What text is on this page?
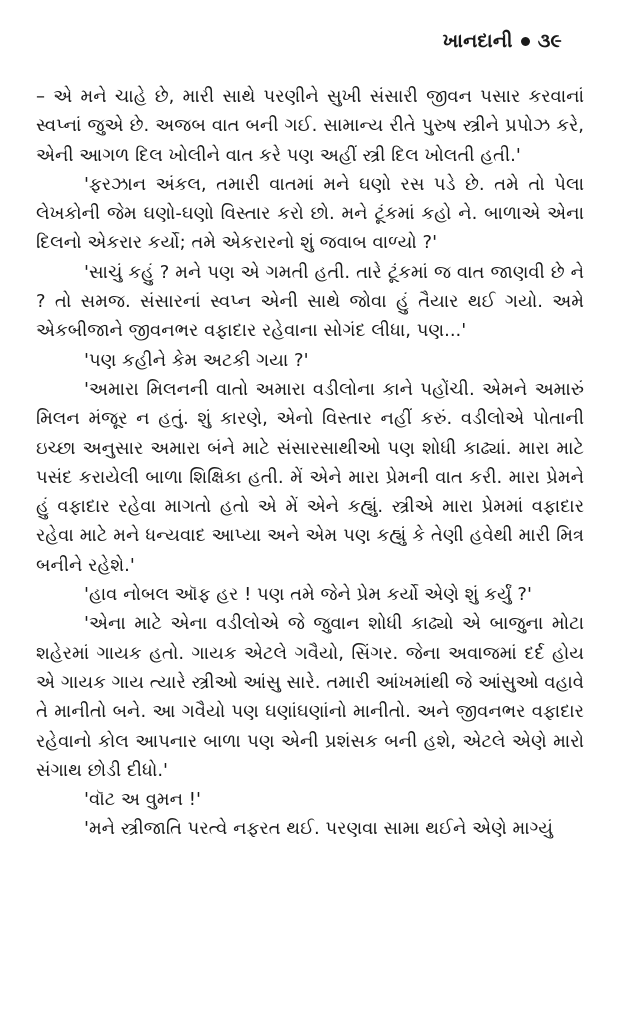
ખાનદાની ૩૯

– એ મને ચાહે છે, મારી સાથે પરણીને સુખી સંસારી જીવન પસાર કરવાનાં સ્વપ્નાં જુએ છે. અજબ વાત બની ગઈ. સામાન્ય રીતે પુરુષ સ્ત્રીને પ્રપોઝ કરે, એની આગળ દિલ ખોલીને વાત કરે પણ અહીં સ્ત્રી દિલ ખોલતી હતી.'

'ફરઝાન અંકલ, તમારી વાતમાં મને ઘણો રસ પડે છે. તમે તો પેલા લેખકોની જેમ ઘણો-ઘણો વિસ્તાર કરો છો. મને ટૂંકમાં કહો ને. બાળાએ એના દિલનો એકરાર કર્યો; તમે એકરારનો શું જવાબ વાળ્યો ?'

'સાચું કહું ? મને પણ એ ગમતી હતી. તારે ટૂંકમાં જ વાત જાણવી છે ને ? તો સમજ. સંસારનાં સ્વપ્ન એની સાથે જોવા હું તૈયાર થઈ ગયો. અમે એકબીજાને જીવનભર વફાદાર રહેવાના સોગંદ લીધા, પણ...'

'પણ કહીને કેમ અટકી ગયા ?'

'અમારા મિલનની વાતો અમારા વડીલોના કાને પહોંચી. એમને અમારું મિલન મંજૂર ન હતું. શું કારણે, એનો વિસ્તાર નહીં કરું. વડીલોએ પોતાની ઇચ્છા અનુસાર અમારા બંને માટે સંસારસાથીઓ પણ શોધી કાઢ્યાં. મારા માટે પસંદ કરાયેલી બાળા શિક્ષિકા હતી. મેં એને મારા પ્રેમની વાત કરી. મારા પ્રેમને હું વફાદાર રહેવા માગતો હતો એ મેં એને કહ્યું. સ્ત્રીએ મારા પ્રેમમાં વફાદાર રહેવા માટે મને ધન્યવાદ આપ્યા અને એમ પણ કહ્યું કે તેણી હવેથી મારી મિત્ર બનીને રહેશે.'

'હાવ નોબલ ઑફ હર ! પણ તમે જેને પ્રેમ કર્યો એણે શું કર્યું ?'

'એના માટે એના વડીલોએ જે જુવાન શોધી કાઢ્યો એ બાજુના મોટા શહેરમાં ગાયક હતો. ગાયક એટલે ગવૈયો, સિંગર. જેના અવાજમાં દર્દ હોય એ ગાયક ગાય ત્યારે સ્ત્રીઓ આંસુ સારે. તમારી આંખમાંથી જે આંસુઓ વહાવે તે માનીતો બને. આ ગવૈયો પણ ઘણાંઘણાંનો માનીતો. અને જીવનભર વફાદાર રહેવાનો કોલ આપનાર બાળા પણ એની પ્રશંસક બની હશે, એટલે એણે મારો સંગાથ છોડી દીધો.'

'વૉટ અ વુમન !'

'મને સ્ત્રીજાતિ પરત્વે નફરત થઈ. પરણવા સામા થઈને એણે માગ્યું
